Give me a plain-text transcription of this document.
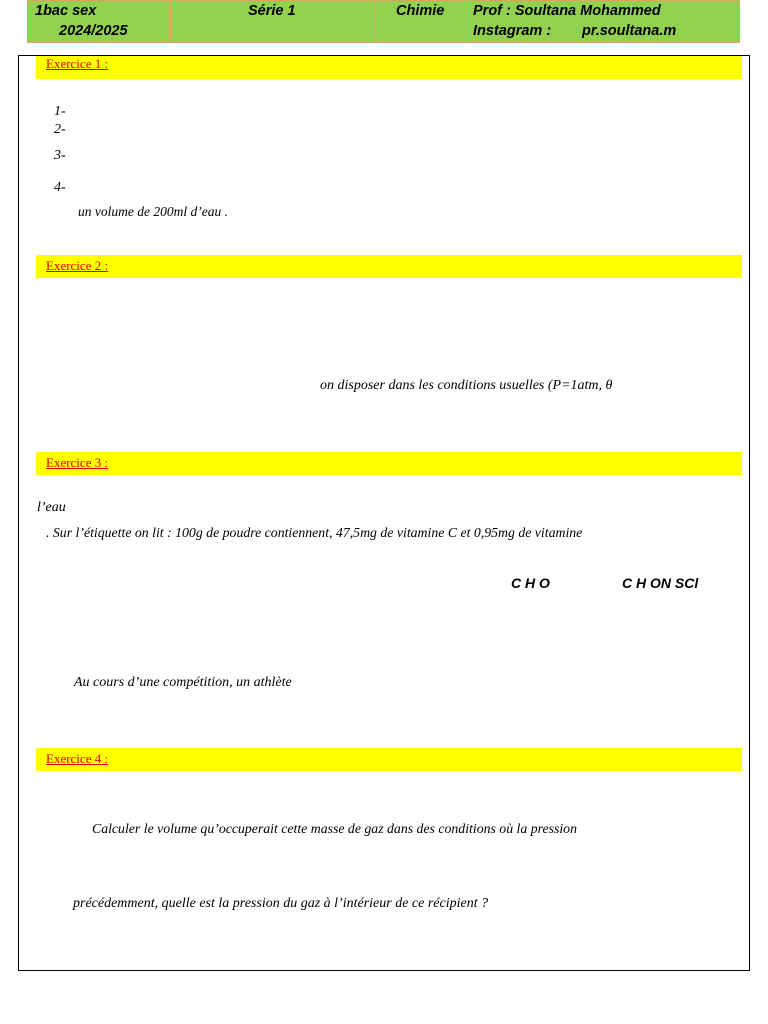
1bac sex
2024/2025
Série 1	Chimie Prof : Soultana Mohammed
Instagram : pr.soultana.m
Exercice 1 :
1-
2-
3-
4-
un volume de 200ml d’eau .
Exercice 2 :
on disposer dans les conditions usuelles (P=1atm, θ
Exercice 3 :
l’eau
. Sur l’étiquette on lit : 100g de poudre contiennent, 47,5mg de vitamine C et 0,95mg de vitamine
C H O	C H ON SCl
Au cours d’une compétition, un athlète
Exercice 4 :
Calculer le volume qu’occuperait cette masse de gaz dans des conditions où la pression
précédemment, quelle est la pression du gaz à l’intérieur de ce récipient ?
